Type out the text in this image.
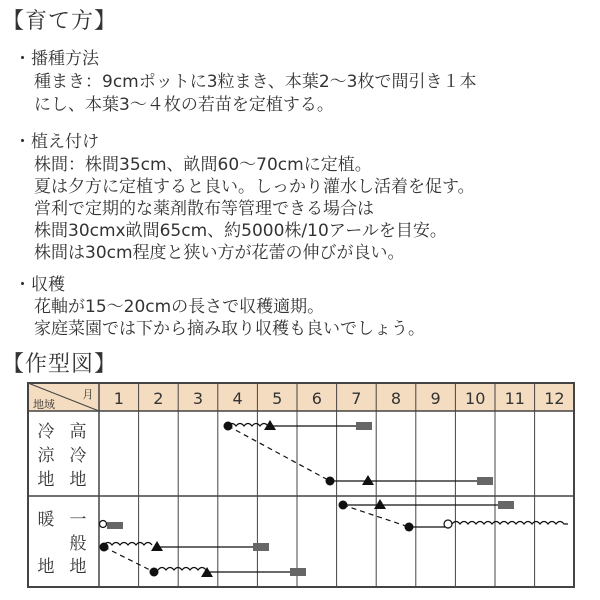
【育て方】
・播種方法
種まき：9cmポットに3粒まき、本葉2～3枚で間引き１本
にし、本葉3～４枚の若苗を定植する。
・植え付け
株間：株間35cm、畝間60～70cmに定植。
夏は夕方に定植すると良い。しっかり灌水し活着を促す。
営利で定期的な薬剤散布等管理できる場合は
株間30cmx畝間65cm、約5000株/10アールを目安。
株間は30cm程度と狭い方が花蕾の伸びが良い。
・収穫
花軸が15～20cmの長さで収穫適期。
家庭菜園では下から摘み取り収穫も良いでしょう。
【作型図】
月
地域	1 2 3 4 5 6 7 8 9 10 11 12
冷
涼
地
高
冷
地
暖
地
一
般
地
